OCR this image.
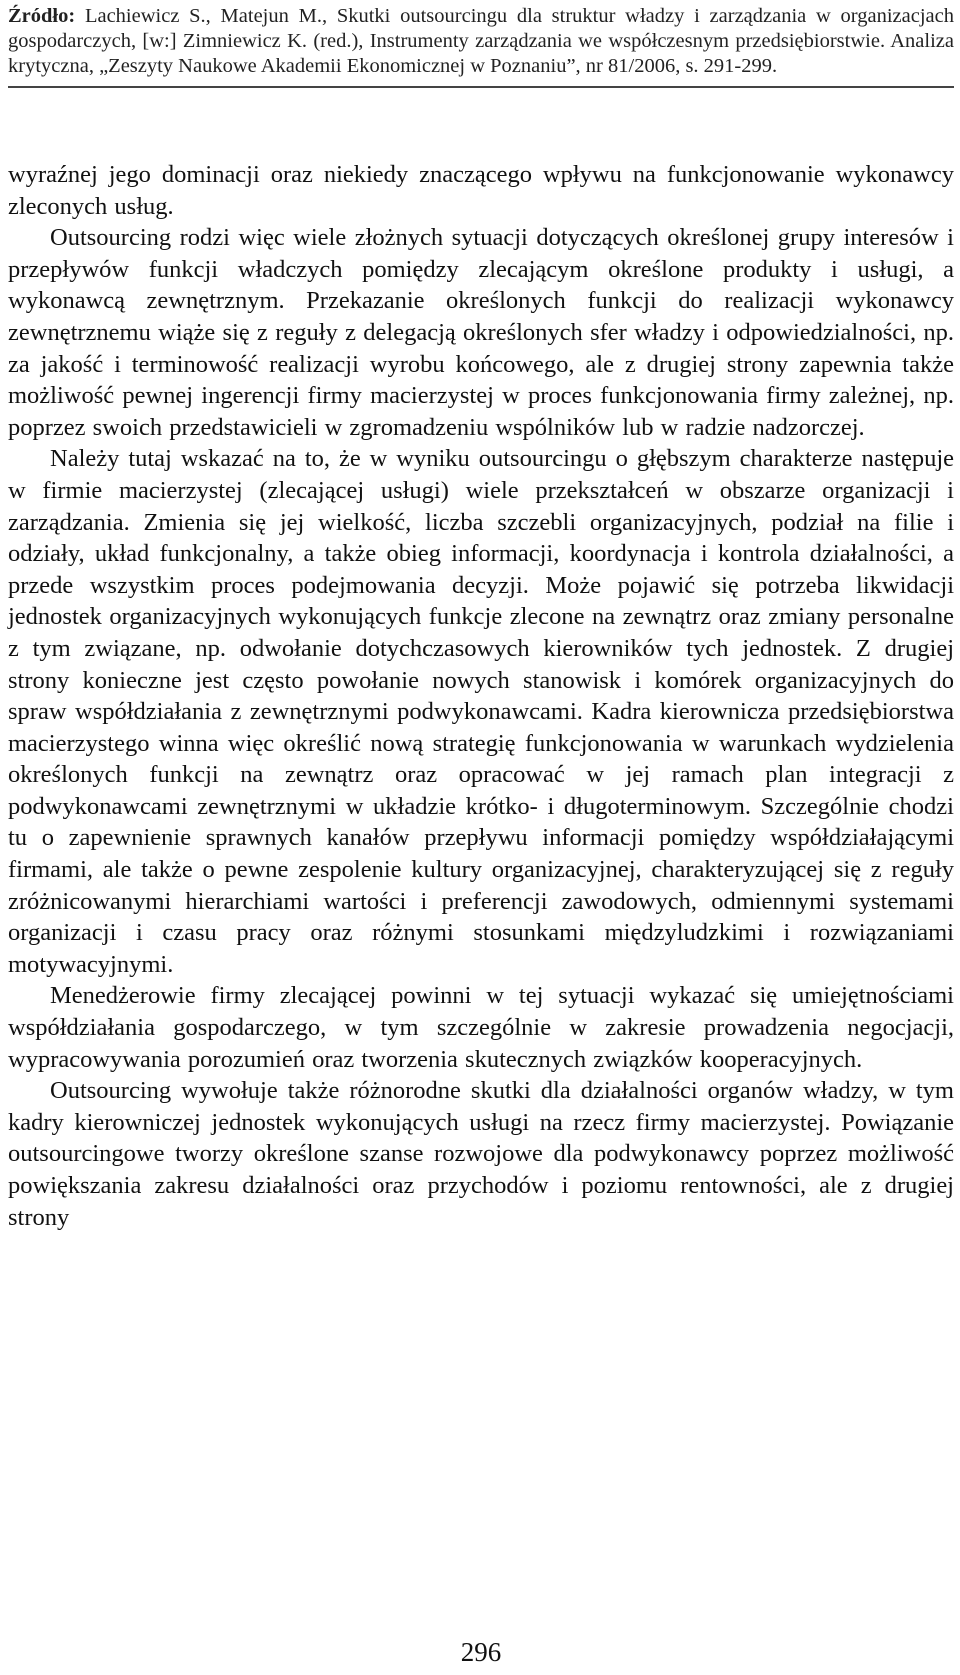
Źródło: Lachiewicz S., Matejun M., Skutki outsourcingu dla struktur władzy i zarządzania w organizacjach gospodarczych, [w:] Zimniewicz K. (red.), Instrumenty zarządzania we współczesnym przedsiębiorstwie. Analiza krytyczna, „Zeszyty Naukowe Akademii Ekonomicznej w Poznaniu”, nr 81/2006, s. 291-299.

wyraźnej jego dominacji oraz niekiedy znaczącego wpływu na funkcjonowanie wykonawcy zleconych usług.

Outsourcing rodzi więc wiele złożnych sytuacji dotyczących określonej grupy interesów i przepływów funkcji władczych pomiędzy zlecającym określone produkty i usługi, a wykonawcą zewnętrznym. Przekazanie określonych funkcji do realizacji wykonawcy zewnętrznemu wiąże się z reguły z delegacją określonych sfer władzy i odpowiedzialności, np. za jakość i terminowość realizacji wyrobu końcowego, ale z drugiej strony zapewnia także możliwość pewnej ingerencji firmy macierzystej w proces funkcjonowania firmy zależnej, np. poprzez swoich przedstawicieli w zgromadzeniu wspólników lub w radzie nadzorczej.

Należy tutaj wskazać na to, że w wyniku outsourcingu o głębszym charakterze następuje w firmie macierzystej (zlecającej usługi) wiele przekształceń w obszarze organizacji i zarządzania. Zmienia się jej wielkość, liczba szczebli organizacyjnych, podział na filie i odziały, układ funkcjonalny, a także obieg informacji, koordynacja i kontrola działalności, a przede wszystkim proces podejmowania decyzji. Może pojawić się potrzeba likwidacji jednostek organizacyjnych wykonujących funkcje zlecone na zewnątrz oraz zmiany personalne z tym związane, np. odwołanie dotychczasowych kierowników tych jednostek. Z drugiej strony konieczne jest często powołanie nowych stanowisk i komórek organizacyjnych do spraw współdziałania z zewnętrznymi podwykonawcami. Kadra kierownicza przedsiębiorstwa macierzystego winna więc określić nową strategię funkcjonowania w warunkach wydzielenia określonych funkcji na zewnątrz oraz opracować w jej ramach plan integracji z podwykonawcami zewnętrznymi w układzie krótko- i długoterminowym. Szczególnie chodzi tu o zapewnienie sprawnych kanałów przepływu informacji pomiędzy współdziałającymi firmami, ale także o pewne zespolenie kultury organizacyjnej, charakteryzującej się z reguły zróżnicowanymi hierarchiami wartości i preferencji zawodowych, odmiennymi systemami organizacji i czasu pracy oraz różnymi stosunkami międzyludzkimi i rozwiązaniami motywacyjnymi.

Menedżerowie firmy zlecającej powinni w tej sytuacji wykazać się umiejętnościami współdziałania gospodarczego, w tym szczególnie w zakresie prowadzenia negocjacji, wypracowywania porozumień oraz tworzenia skutecznych związków kooperacyjnych.

Outsourcing wywołuje także różnorodne skutki dla działalności organów władzy, w tym kadry kierowniczej jednostek wykonujących usługi na rzecz firmy macierzystej. Powiązanie outsourcingowe tworzy określone szanse rozwojowe dla podwykonawcy poprzez możliwość powiększania zakresu działalności oraz przychodów i poziomu rentowności, ale z drugiej strony

296
